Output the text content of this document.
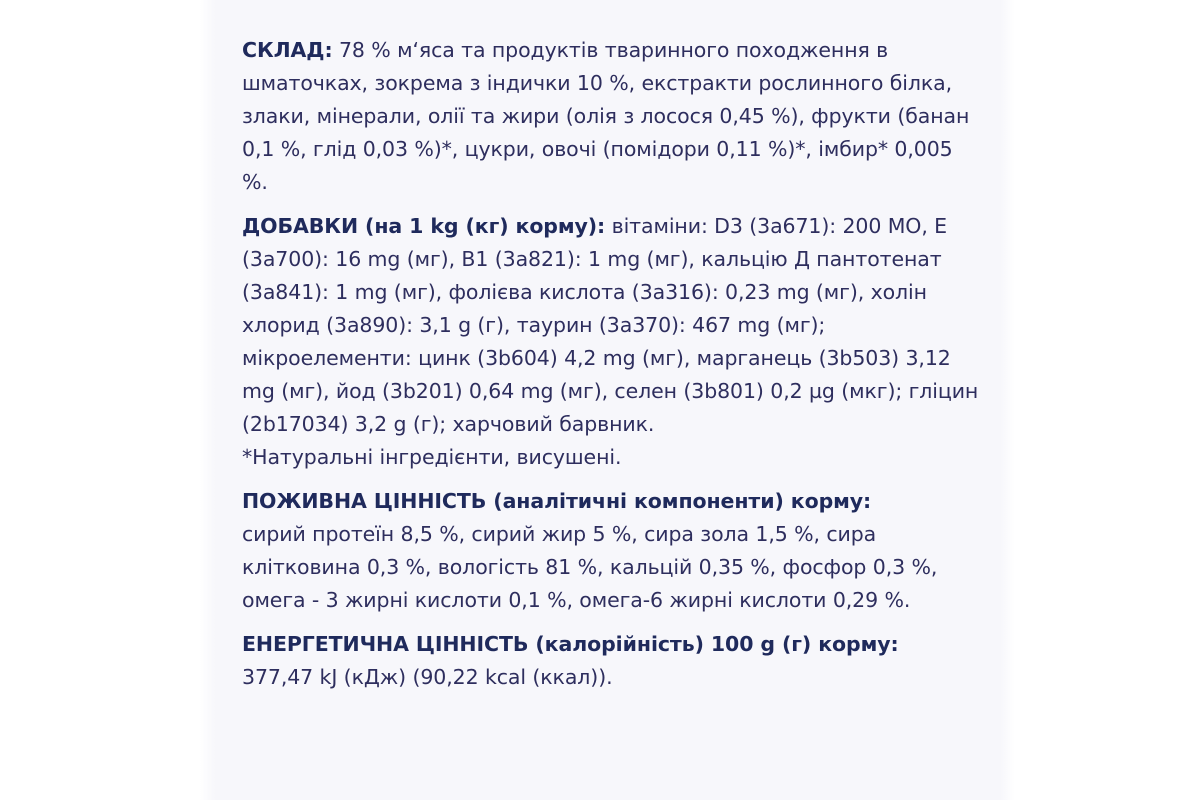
СКЛАД: 78 % м‘яса та продуктів тваринного походження в шматочках, зокрема з індички 10 %, екстракти рослинного білка, злаки, мінерали, олії та жири (олія з лосося 0,45 %), фрукти (банан 0,1 %, глід 0,03 %)*, цукри, овочі (помідори 0,11 %)*, імбир* 0,005 %.

ДОБАВКИ (на 1 kg (кг) корму): вітаміни: D3 (3a671): 200 МО, E (3a700): 16 mg (мг), B1 (3a821): 1 mg (мг), кальцію Д пантотенат (3a841): 1 mg (мг), фолієва кислота (3a316): 0,23 mg (мг), холін хлорид (3a890): 3,1 g (г), таурин (3a370): 467 mg (мг); мікроелементи: цинк (3b604) 4,2 mg (мг), марганець (3b503) 3,12 mg (мг), йод (3b201) 0,64 mg (мг), селен (3b801) 0,2 µg (мкг); гліцин (2b17034) 3,2 g (г); харчовий барвник.

*Натуральні інгредієнти, висушені.

ПОЖИВНА ЦІННІСТЬ (аналітичні компоненти) корму:

сирий протеїн 8,5 %, сирий жир 5 %, сира зола 1,5 %, сира клітковина 0,3 %, вологість 81 %, кальцій 0,35 %, фосфор 0,3 %, омега - 3 жирні кислоти 0,1 %, омега-6 жирні кислоти 0,29 %.

ЕНЕРГЕТИЧНА ЦІННІСТЬ (калорійність) 100 g (г) корму:

377,47 kJ (кДж) (90,22 kcal (ккал)).
